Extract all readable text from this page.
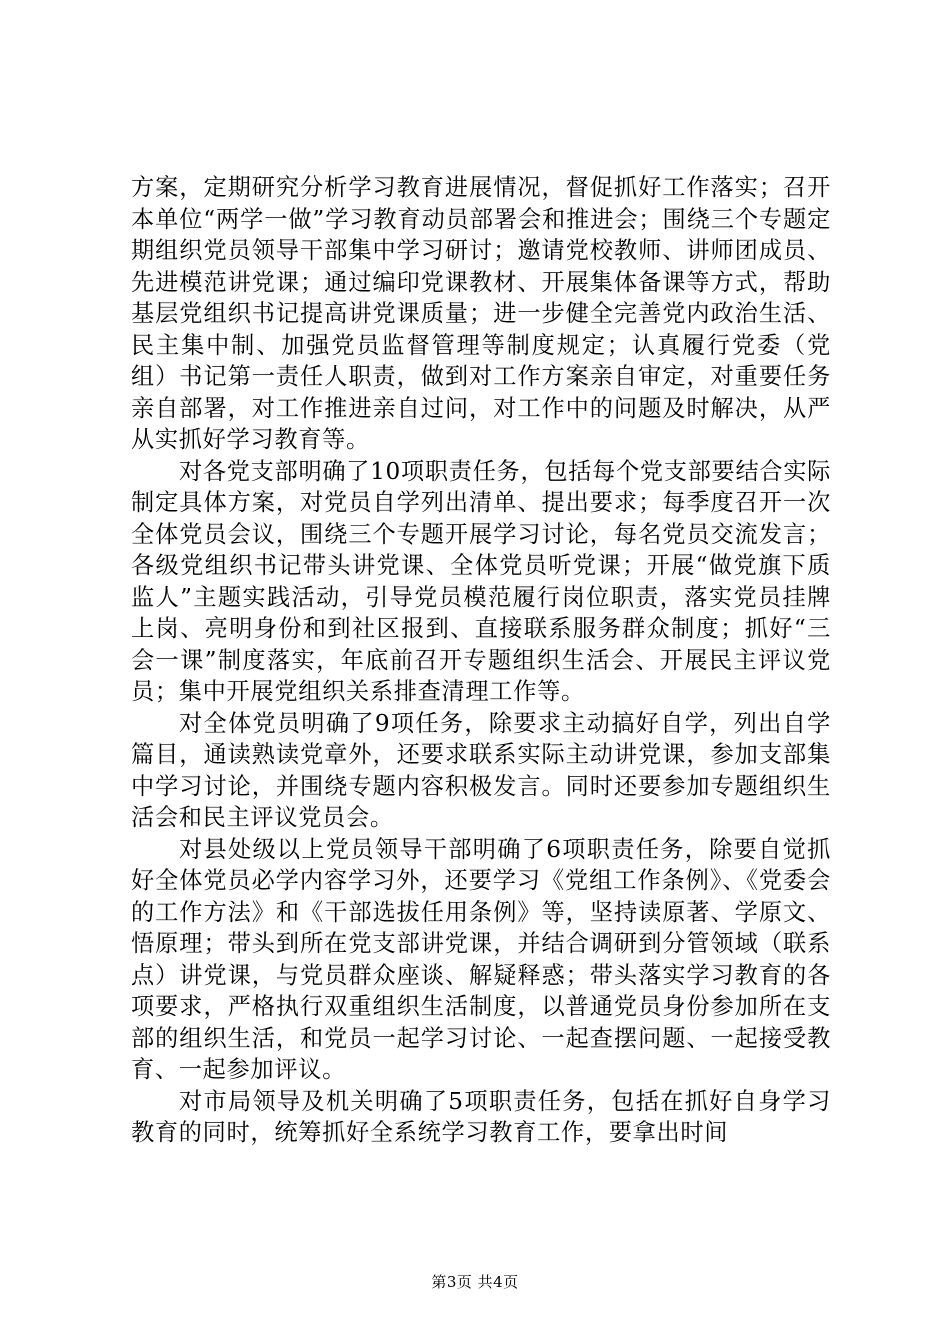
方案，定期研究分析学习教育进展情况，督促抓好工作落实；召开本单位“两学一做”学习教育动员部署会和推进会；围绕三个专题定期组织党员领导干部集中学习研讨；邀请党校教师、讲师团成员、先进模范讲党课；通过编印党课教材、开展集体备课等方式，帮助基层党组织书记提高讲党课质量；进一步健全完善党内政治生活、民主集中制、加强党员监督管理等制度规定；认真履行党委（党组）书记第一责任人职责，做到对工作方案亲自审定，对重要任务亲自部署，对工作推进亲自过问，对工作中的问题及时解决，从严从实抓好学习教育等。

对各党支部明确了10项职责任务，包括每个党支部要结合实际制定具体方案，对党员自学列出清单、提出要求；每季度召开一次全体党员会议，围绕三个专题开展学习讨论，每名党员交流发言；各级党组织书记带头讲党课、全体党员听党课；开展“做党旗下质监人”主题实践活动，引导党员模范履行岗位职责，落实党员挂牌上岗、亮明身份和到社区报到、直接联系服务群众制度；抓好“三会一课”制度落实，年底前召开专题组织生活会、开展民主评议党员；集中开展党组织关系排查清理工作等。

对全体党员明确了9项任务，除要求主动搞好自学，列出自学篇目，通读熟读党章外，还要求联系实际主动讲党课，参加支部集中学习讨论，并围绕专题内容积极发言。同时还要参加专题组织生活会和民主评议党员会。

对县处级以上党员领导干部明确了6项职责任务，除要自觉抓好全体党员必学内容学习外，还要学习《党组工作条例》、《党委会的工作方法》和《干部选拔任用条例》等，坚持读原著、学原文、悟原理；带头到所在党支部讲党课，并结合调研到分管领域（联系点）讲党课，与党员群众座谈、解疑释惑；带头落实学习教育的各项要求，严格执行双重组织生活制度，以普通党员身份参加所在支部的组织生活，和党员一起学习讨论、一起查摆问题、一起接受教育、一起参加评议。

对市局领导及机关明确了5项职责任务，包括在抓好自身学习教育的同时，统筹抓好全系统学习教育工作，要拿出时间

第3页 共4页
